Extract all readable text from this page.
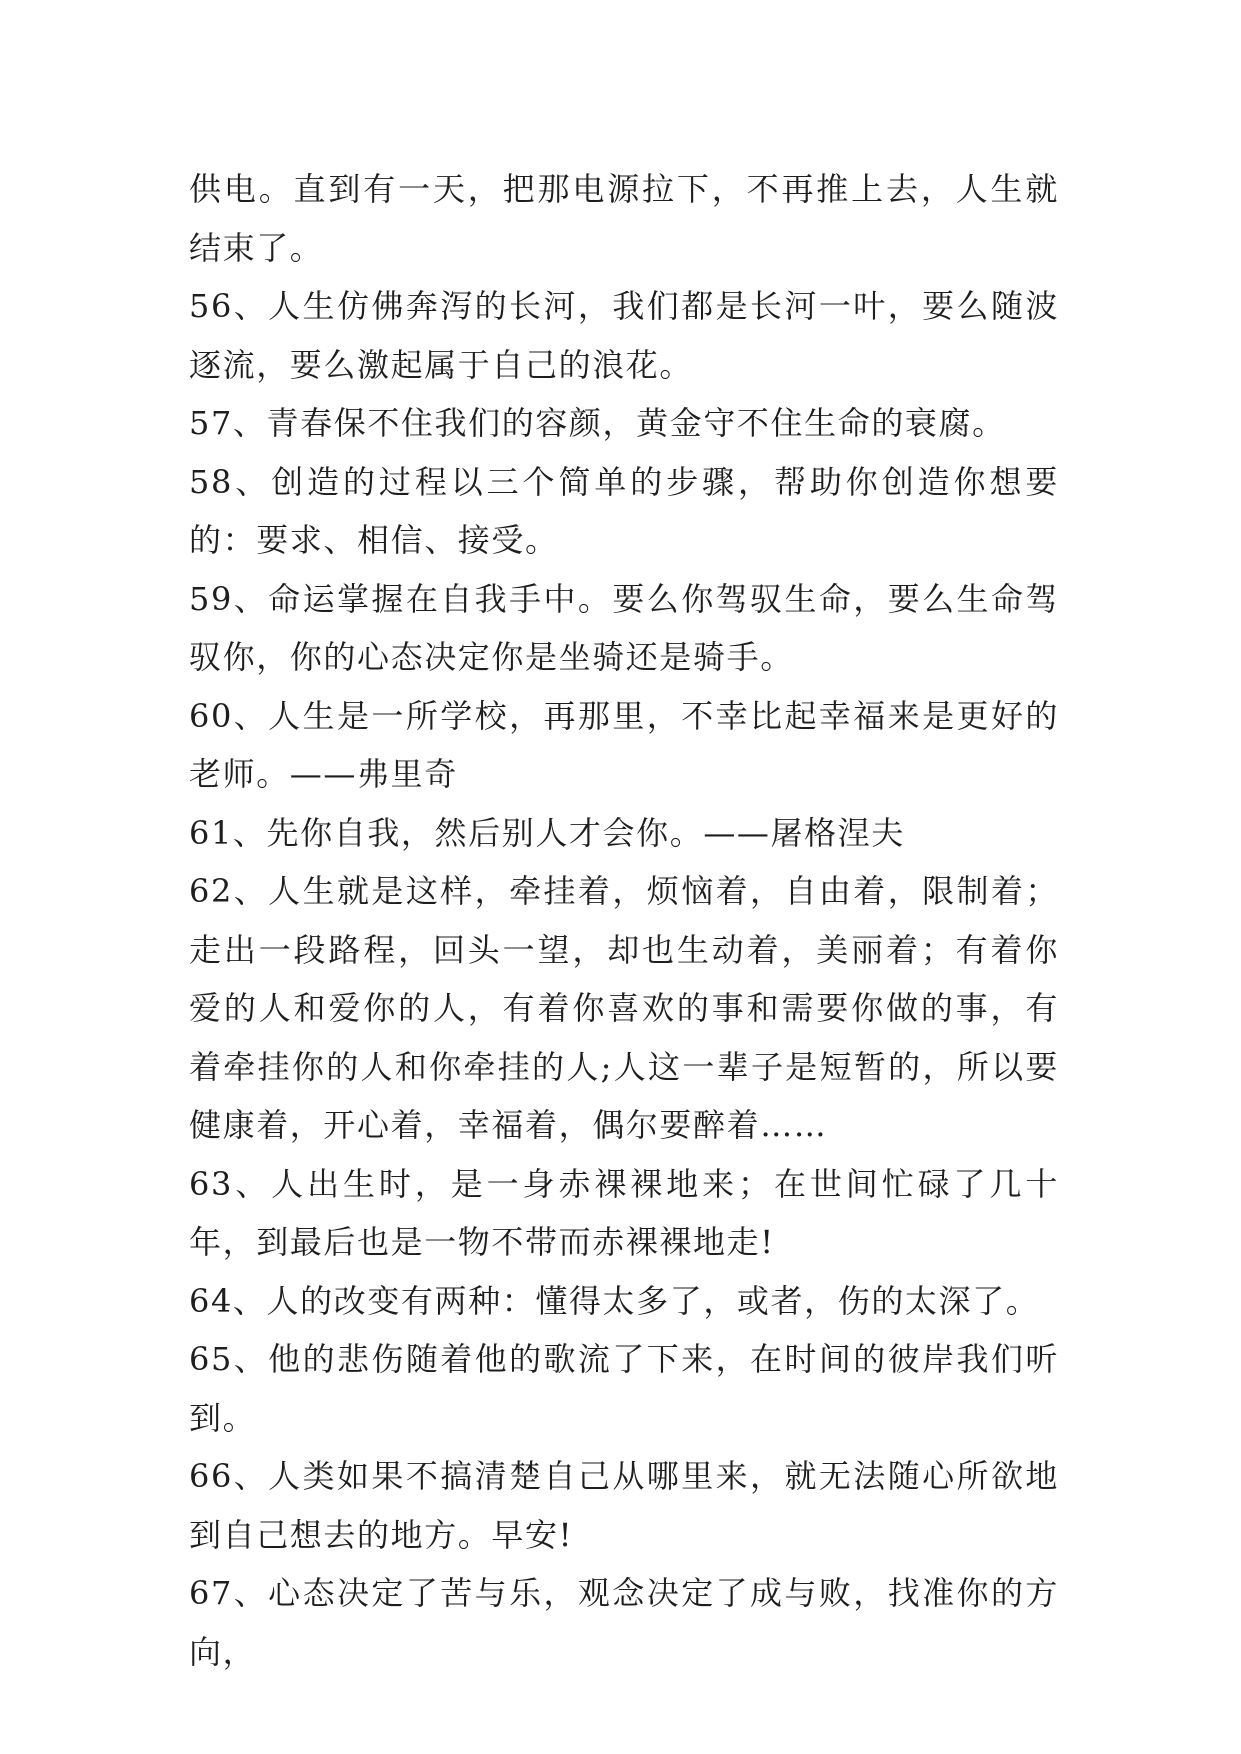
供电。直到有一天，把那电源拉下，不再推上去，人生就结束了。

56、人生仿佛奔泻的长河，我们都是长河一叶，要么随波逐流，要么激起属于自己的浪花。

57、青春保不住我们的容颜，黄金守不住生命的衰腐。

58、创造的过程以三个简单的步骤，帮助你创造你想要的：要求、相信、接受。

59、命运掌握在自我手中。要么你驾驭生命，要么生命驾驭你，你的心态决定你是坐骑还是骑手。

60、人生是一所学校，再那里，不幸比起幸福来是更好的老师。——弗里奇

61、先你自我，然后别人才会你。——屠格涅夫

62、人生就是这样，牵挂着，烦恼着，自由着，限制着；走出一段路程，回头一望，却也生动着，美丽着；有着你爱的人和爱你的人，有着你喜欢的事和需要你做的事，有着牵挂你的人和你牵挂的人;人这一辈子是短暂的，所以要健康着，开心着，幸福着，偶尔要醉着……

63、人出生时，是一身赤裸裸地来；在世间忙碌了几十年，到最后也是一物不带而赤裸裸地走!

64、人的改变有两种：懂得太多了，或者，伤的太深了。

65、他的悲伤随着他的歌流了下来，在时间的彼岸我们听到。

66、人类如果不搞清楚自己从哪里来，就无法随心所欲地到自己想去的地方。早安!

67、心态决定了苦与乐，观念决定了成与败，找准你的方向，
